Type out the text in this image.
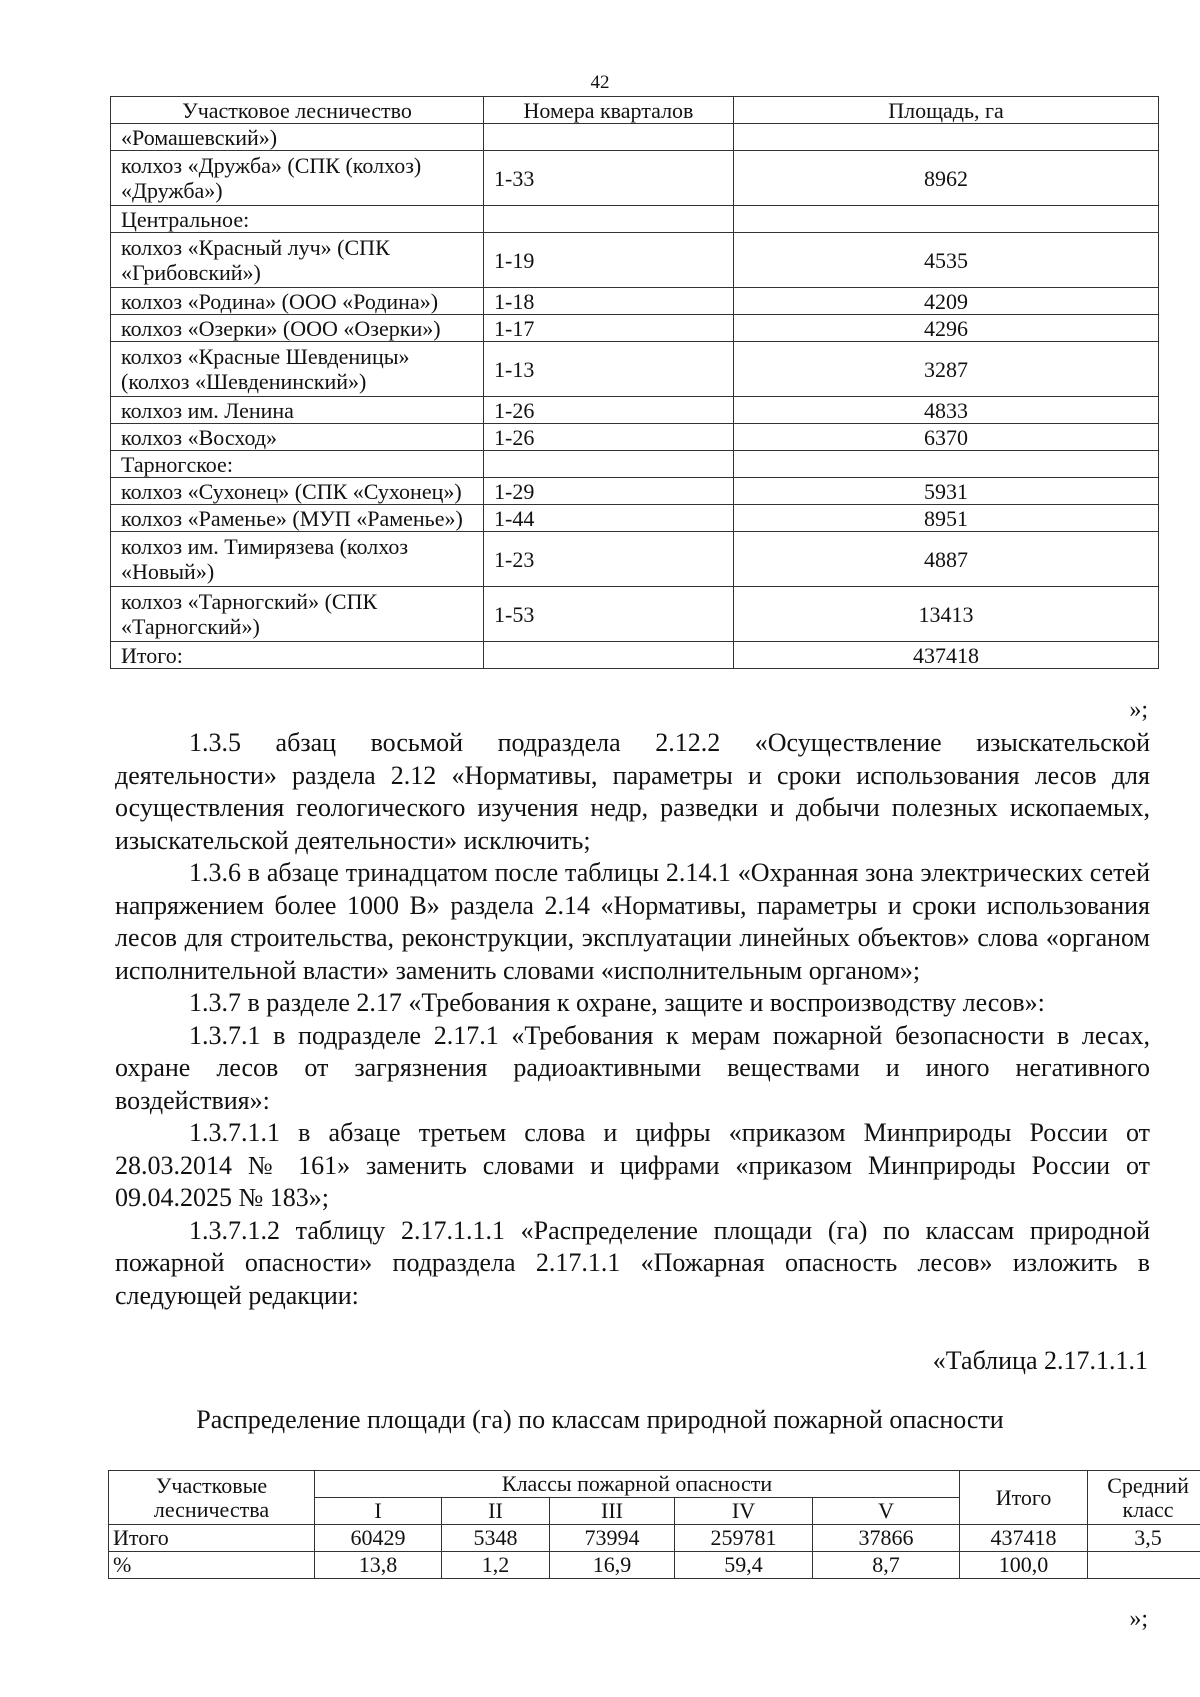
42
Участковое лесничество	Номера кварталов	Площадь, га
«Ромашевский»)		
колхоз «Дружба» (СПК (колхоз) «Дружба»)	1-33	8962
Центральное:		
колхоз «Красный луч» (СПК «Грибовский»)	1-19	4535
колхоз «Родина» (ООО «Родина»)	1-18	4209
колхоз «Озерки» (ООО «Озерки»)	1-17	4296
колхоз «Красные Шевденицы» (колхоз «Шевденинский»)	1-13	3287
колхоз им. Ленина	1-26	4833
колхоз «Восход»	1-26	6370
Тарногское:		
колхоз «Сухонец» (СПК «Сухонец»)	1-29	5931
колхоз «Раменье» (МУП «Раменье»)	1-44	8951
колхоз им. Тимирязева (колхоз «Новый»)	1-23	4887
колхоз «Тарногский» (СПК «Тарногский»)	1-53	13413
Итого:		437418
»;

1.3.5 абзац восьмой подраздела 2.12.2 «Осуществление изыскательской деятельности» раздела 2.12 «Нормативы, параметры и сроки использования лесов для осуществления геологического изучения недр, разведки и добычи полезных ископаемых, изыскательской деятельности» исключить;

1.3.6 в абзаце тринадцатом после таблицы 2.14.1 «Охранная зона электрических сетей напряжением более 1000 В» раздела 2.14 «Нормативы, параметры и сроки использования лесов для строительства, реконструкции, эксплуатации линейных объектов» слова «органом исполнительной власти» заменить словами «исполнительным органом»;

1.3.7 в разделе 2.17 «Требования к охране, защите и воспроизводству лесов»:

1.3.7.1 в подразделе 2.17.1 «Требования к мерам пожарной безопасности в лесах, охране лесов от загрязнения радиоактивными веществами и иного негативного воздействия»:

1.3.7.1.1 в абзаце третьем слова и цифры «приказом Минприроды России от 28.03.2014 № 161» заменить словами и цифрами «приказом Минприроды России от 09.04.2025 № 183»;

1.3.7.1.2 таблицу 2.17.1.1.1 «Распределение площади (га) по классам природной пожарной опасности» подраздела 2.17.1.1 «Пожарная опасность лесов» изложить в следующей редакции:

«Таблица 2.17.1.1.1
Распределение площади (га) по классам природной пожарной опасности
Участковые лесничества	Классы пожарной опасности					Итого	Средний класс
	I	II	III	IV	V		
Итого	60429	5348	73994	259781	37866	437418	3,5
%	13,8	1,2	16,9	59,4	8,7	100,0	
»;
